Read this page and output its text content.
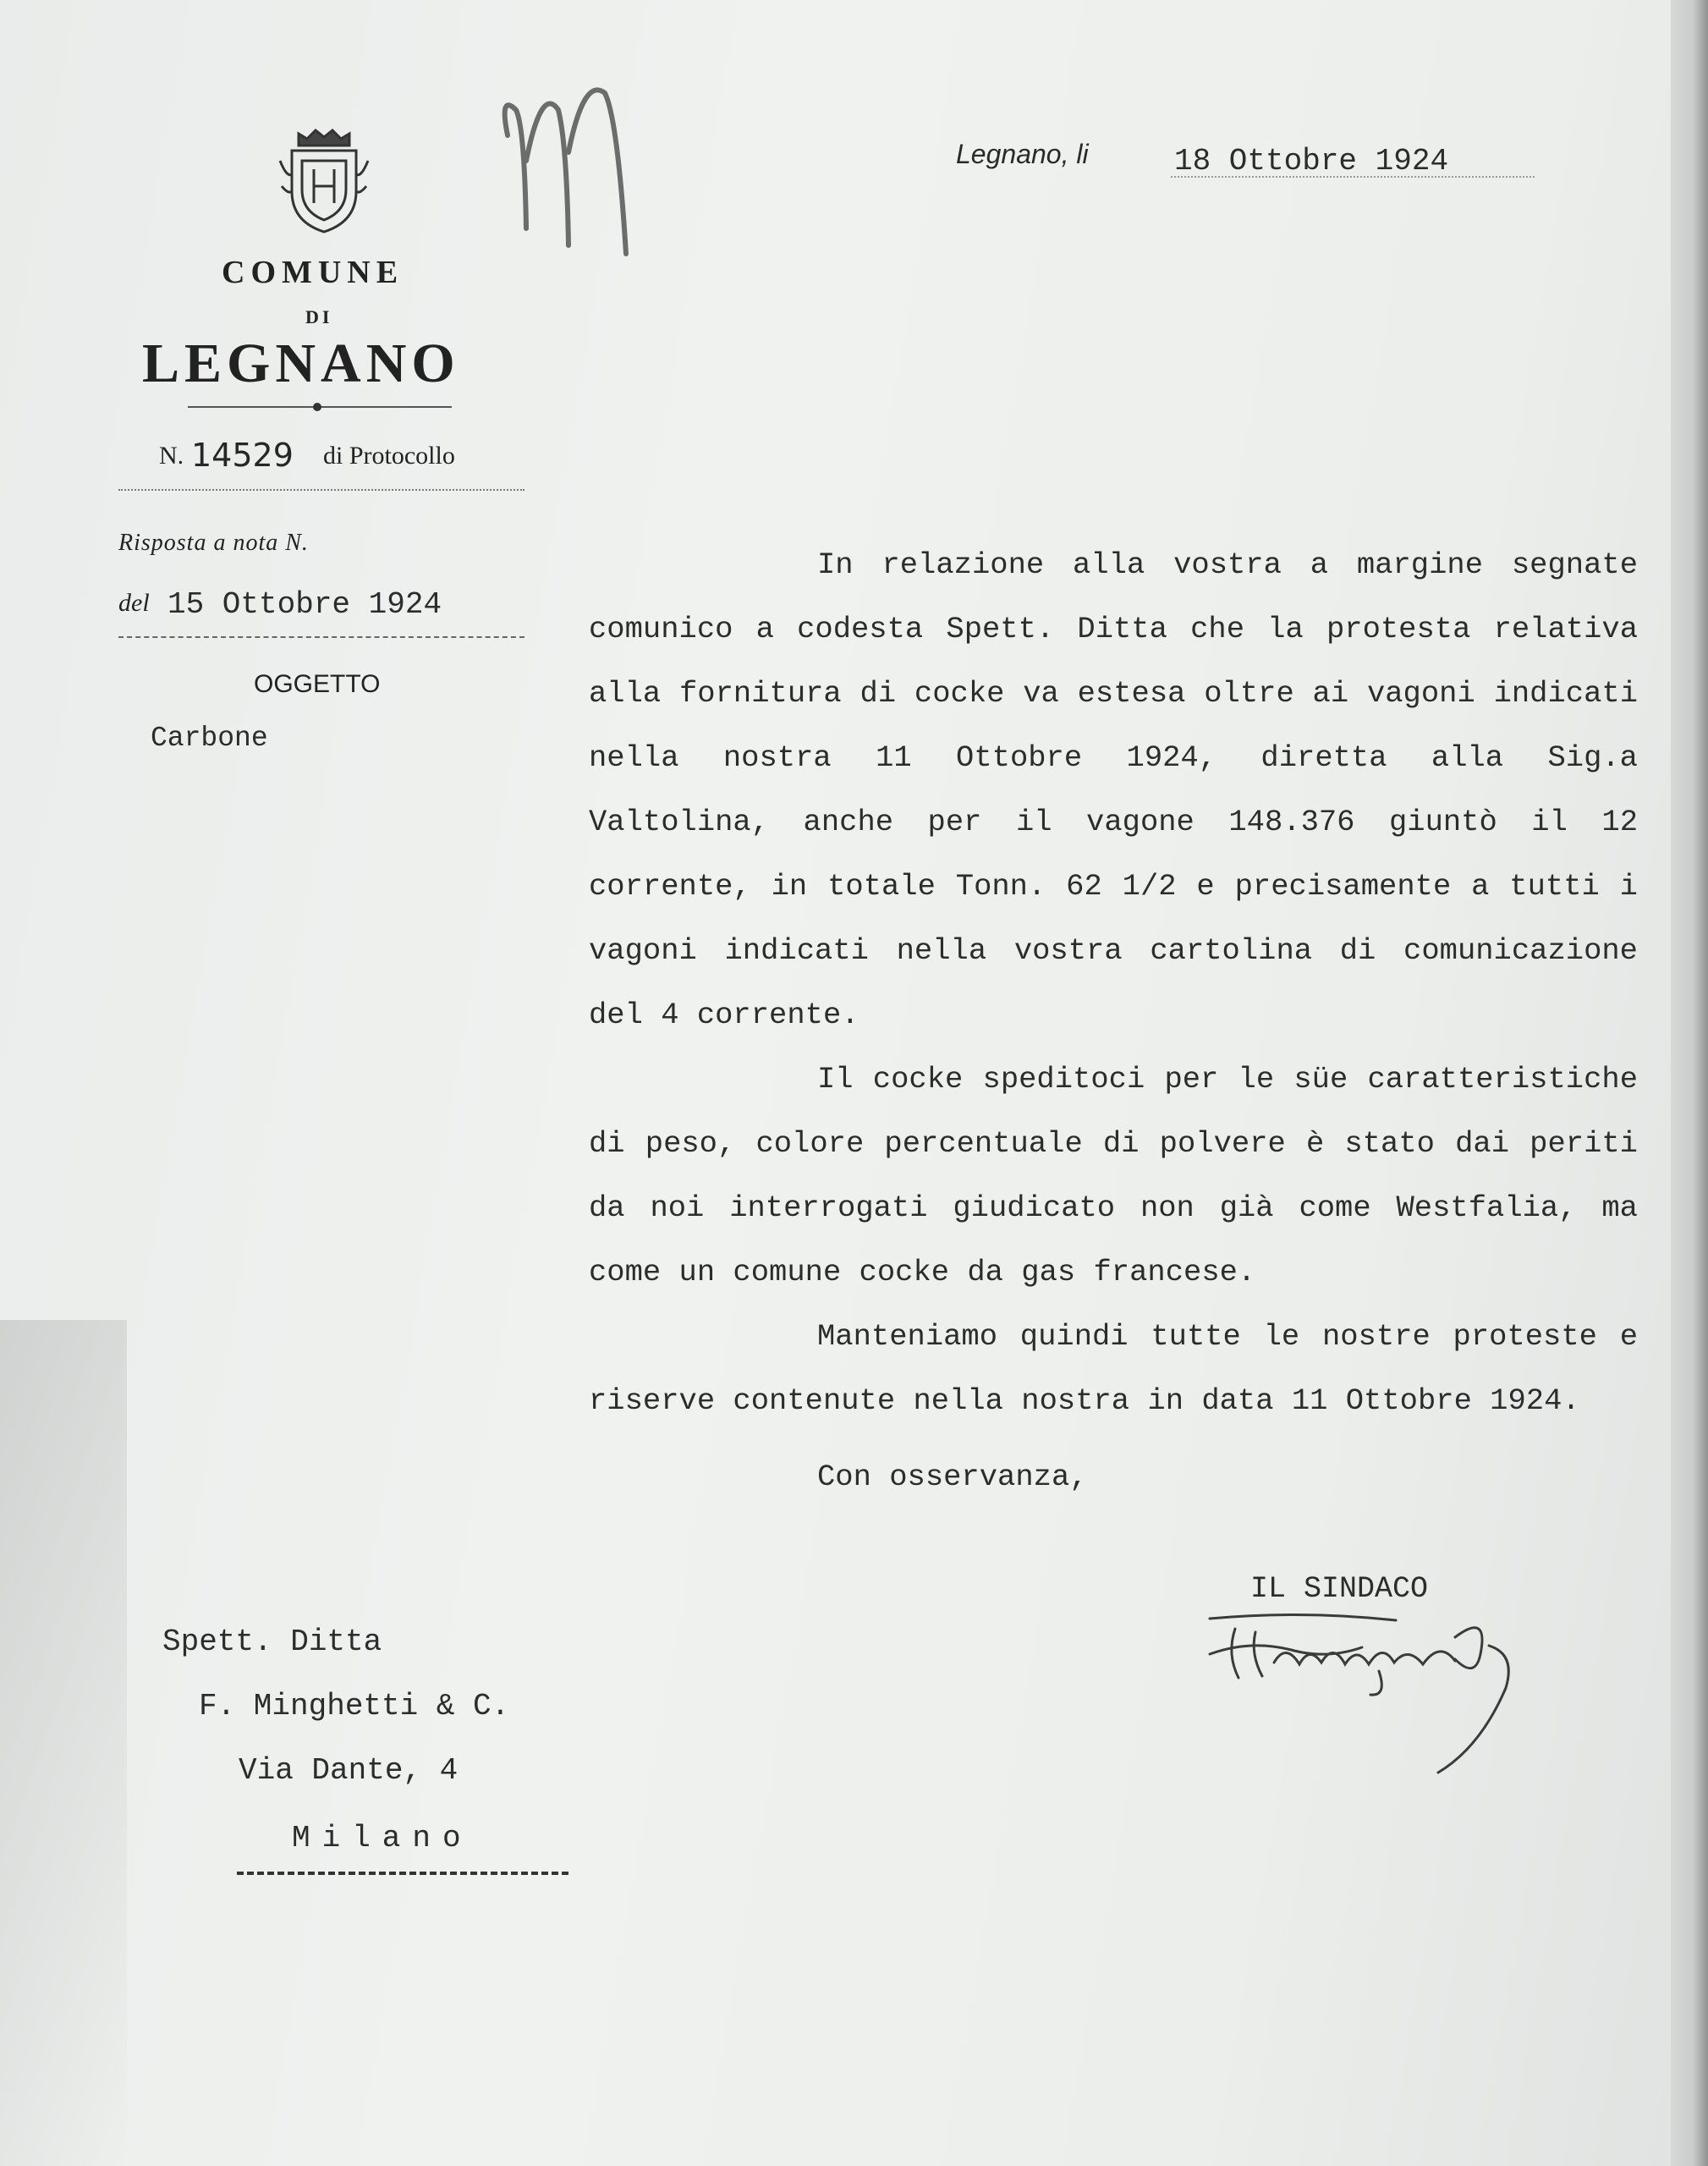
COMUNE
DI
LEGNANO
N. 14529 di Protocollo
Risposta a nota N.
del 15 Ottobre 1924
OGGETTO
Carbone
Legnano, li	18 Ottobre 1924

In relazione alla vostra a margine segnate comunico a codesta Spett. Ditta che la protesta relativa alla fornitura di cocke va estesa oltre ai vagoni indicati nella nostra 11 Ottobre 1924, diretta alla Sig.a Valtolina, anche per il vagone 148.376 giuntò il 12 corrente, in totale Tonn. 62 1/2 e precisamente a tutti i vagoni indicati nella vostra cartolina di comunicazione del 4 corrente.

Il cocke speditoci per le süe caratteristiche di peso, colore percentuale di polvere è stato dai periti da noi interrogati giudicato non già come Westfalia, ma come un comune cocke da gas francese.

Manteniamo quindi tutte le nostre proteste e riserve contenute nella nostra in data 11 Ottobre 1924.

Con osservanza,

IL SINDACO
Spett. Ditta
F. Minghetti & C.
Via Dante, 4
Milano
